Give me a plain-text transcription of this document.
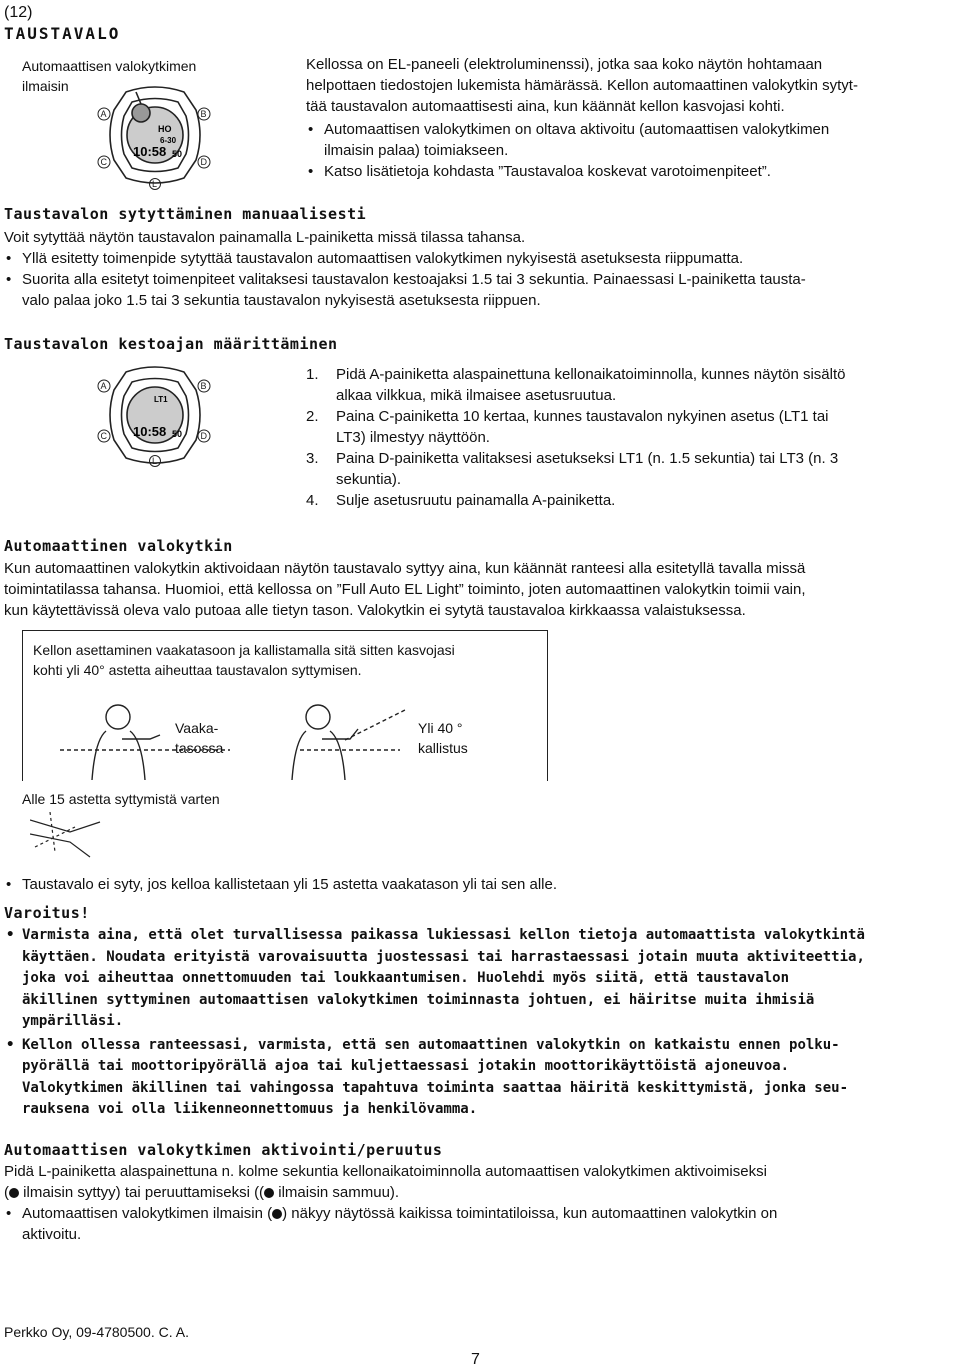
(12)
TAUSTAVALO
Automaattisen valokytkimen ilmaisin
HO
6-30
10:58 50
A	B
C	D
L
Kellossa on EL-paneeli (elektroluminenssi), jotka saa koko näytön hohtamaan
helpottaen tiedostojen lukemista hämärässä. Kellon automaattinen valokytkin sytyt-
tää taustavalon automaattisesti aina, kun käännät kellon kasvojasi kohti.
• Automaattisen valokytkimen on oltava aktivoitu (automaattisen valokytkimen
ilmaisin palaa) toimiakseen.
• Katso lisätietoja kohdasta ”Taustavaloa koskevat varotoimenpiteet”.
Taustavalon sytyttäminen manuaalisesti
Voit sytyttää näytön taustavalon painamalla L-painiketta missä tilassa tahansa.
• Yllä esitetty toimenpide sytyttää taustavalon automaattisen valokytkimen nykyisestä asetuksesta riippumatta.
• Suorita alla esitetyt toimenpiteet valitaksesi taustavalon kestoajaksi 1.5 tai 3 sekuntia. Painaessasi L-painiketta tausta-
valo palaa joko 1.5 tai 3 sekuntia taustavalon nykyisestä asetuksesta riippuen.
Taustavalon kestoajan määrittäminen
LT1
10:58 50
A	B
C	D
L
1.	Pidä A-painiketta alaspainettuna kellonaikatoiminnolla, kunnes näytön sisältö
alkaa vilkkua, mikä ilmaisee asetusruutua.
2.	Paina C-painiketta 10 kertaa, kunnes taustavalon nykyinen asetus (LT1 tai
LT3) ilmestyy näyttöön.
3.	Paina D-painiketta valitaksesi asetukseksi LT1 (n. 1.5 sekuntia) tai LT3 (n. 3
sekuntia).
4.	Sulje asetusruutu painamalla A-painiketta.
Automaattinen valokytkin
Kun automaattinen valokytkin aktivoidaan näytön taustavalo syttyy aina, kun käännät ranteesi alla esitetyllä tavalla missä
toimintatilassa tahansa. Huomioi, että kellossa on ”Full Auto EL Light” toiminto, joten automaattinen valokytkin toimii vain,
kun käytettävissä oleva valo putoaa alle tietyn tason. Valokytkin ei sytytä taustavaloa kirkkaassa valaistuksessa.
Kellon asettaminen vaakatasoon ja kallistamalla sitä sitten kasvojasi
kohti yli 40° astetta aiheuttaa taustavalon syttymisen.
Vaaka-
tasossa
Yli 40 °
kallistus
Alle 15 astetta syttymistä varten
• Taustavalo ei syty, jos kelloa kallistetaan yli 15 astetta vaakatason yli tai sen alle.
Varoitus!
• Varmista aina, että olet turvallisessa paikassa lukiessasi kellon tietoja automaattista valokytkintä
käyttäen. Noudata erityistä varovaisuutta juostessasi tai harrastaessasi jotain muuta aktiviteettia,
joka voi aiheuttaa onnettomuuden tai loukkaantumisen. Huolehdi myös siitä, että taustavalon
äkillinen syttyminen automaattisen valokytkimen toiminnasta johtuen, ei häiritse muita ihmisiä
ympärilläsi.
• Kellon ollessa ranteessasi, varmista, että sen automaattinen valokytkin on katkaistu ennen polku-
pyörällä tai moottoripyörällä ajoa tai kuljettaessasi jotakin moottorikäyttöistä ajoneuvoa.
Valokytkimen äkillinen tai vahingossa tapahtuva toiminta saattaa häiritä keskittymistä, jonka seu-
rauksena voi olla liikenneonnettomuus ja henkilövamma.
Automaattisen valokytkimen aktivointi/peruutus
Pidä L-painiketta alaspainettuna n. kolme sekuntia kellonaikatoiminnolla automaattisen valokytkimen aktivoimiseksi
( ilmaisin syttyy) tai peruuttamiseksi (( ilmaisin sammuu).
• Automaattisen valokytkimen ilmaisin ( ) näkyy näytössä kaikissa toimintatiloissa, kun automaattinen valokytkin on
aktivoitu.
Perkko Oy, 09-4780500. C. A.
7
